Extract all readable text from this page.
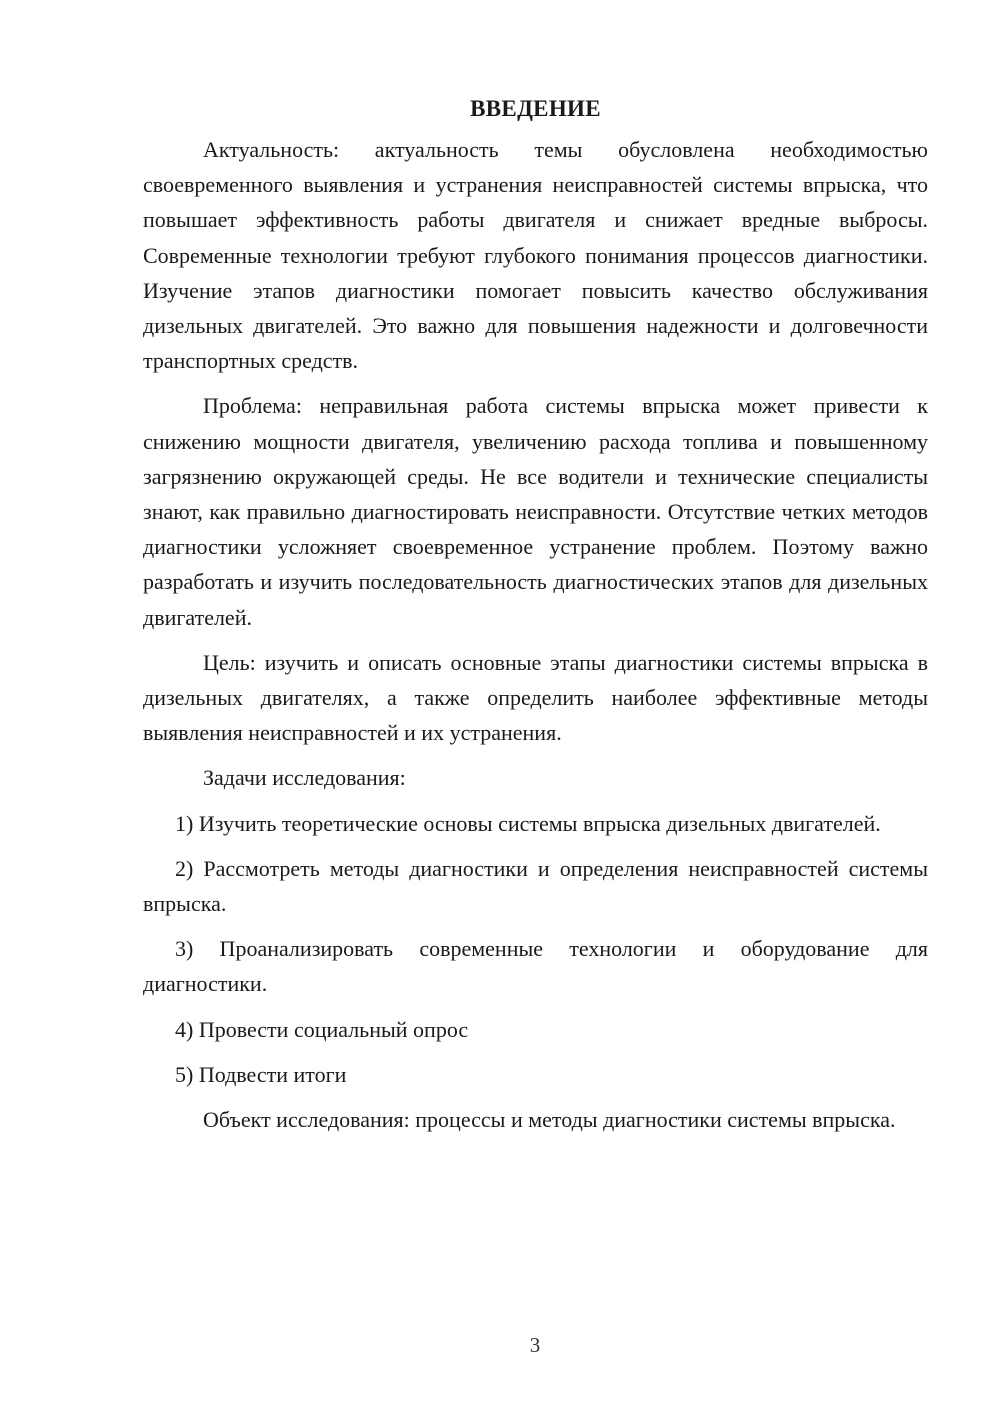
ВВЕДЕНИЕ

Актуальность: актуальность темы обусловлена необходимостью своевременного выявления и устранения неисправностей системы впрыска, что повышает эффективность работы двигателя и снижает вредные выбросы. Современные технологии требуют глубокого понимания процессов диагностики. Изучение этапов диагностики помогает повысить качество обслуживания дизельных двигателей. Это важно для повышения надежности и долговечности транспортных средств.

Проблема: неправильная работа системы впрыска может привести к снижению мощности двигателя, увеличению расхода топлива и повышенному загрязнению окружающей среды. Не все водители и технические специалисты знают, как правильно диагностировать неисправности. Отсутствие четких методов диагностики усложняет своевременное устранение проблем. Поэтому важно разработать и изучить последовательность диагностических этапов для дизельных двигателей.

Цель: изучить и описать основные этапы диагностики системы впрыска в дизельных двигателях, а также определить наиболее эффективные методы выявления неисправностей и их устранения.

Задачи исследования:

1) Изучить теоретические основы системы впрыска дизельных двигателей.

2) Рассмотреть методы диагностики и определения неисправностей системы впрыска.

3) Проанализировать современные технологии и оборудование для диагностики.

4) Провести социальный опрос

5) Подвести итоги

Объект исследования: процессы и методы диагностики системы впрыска.

3
